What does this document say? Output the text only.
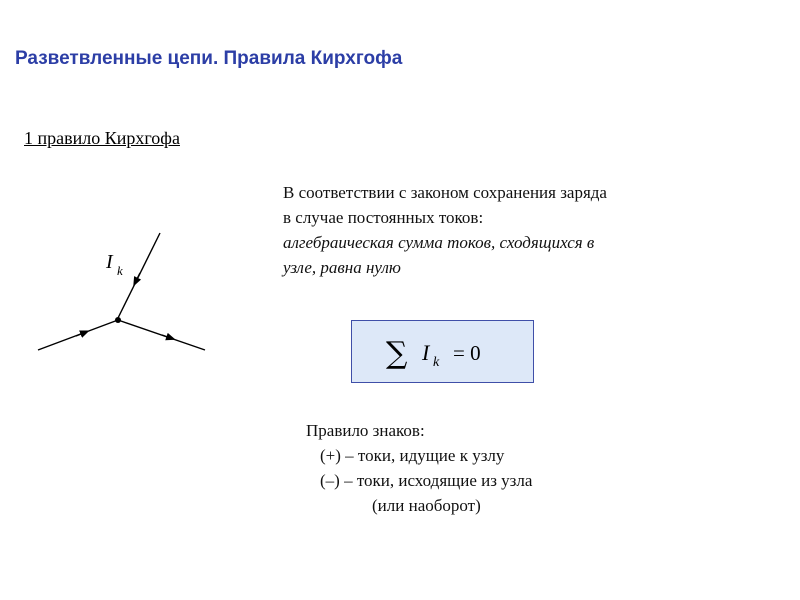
Разветвленные цепи. Правила Кирхгофа
1 правило Кирхгофа
I k
В соответствии с законом сохранения заряда
в случае постоянных токов:
алгебраическая сумма токов, сходящихся в
узле, равна нулю
∑ I k = 0
Правило знаков:
(+) – токи, идущие к узлу
(–) – токи, исходящие из узла
(или наоборот)
